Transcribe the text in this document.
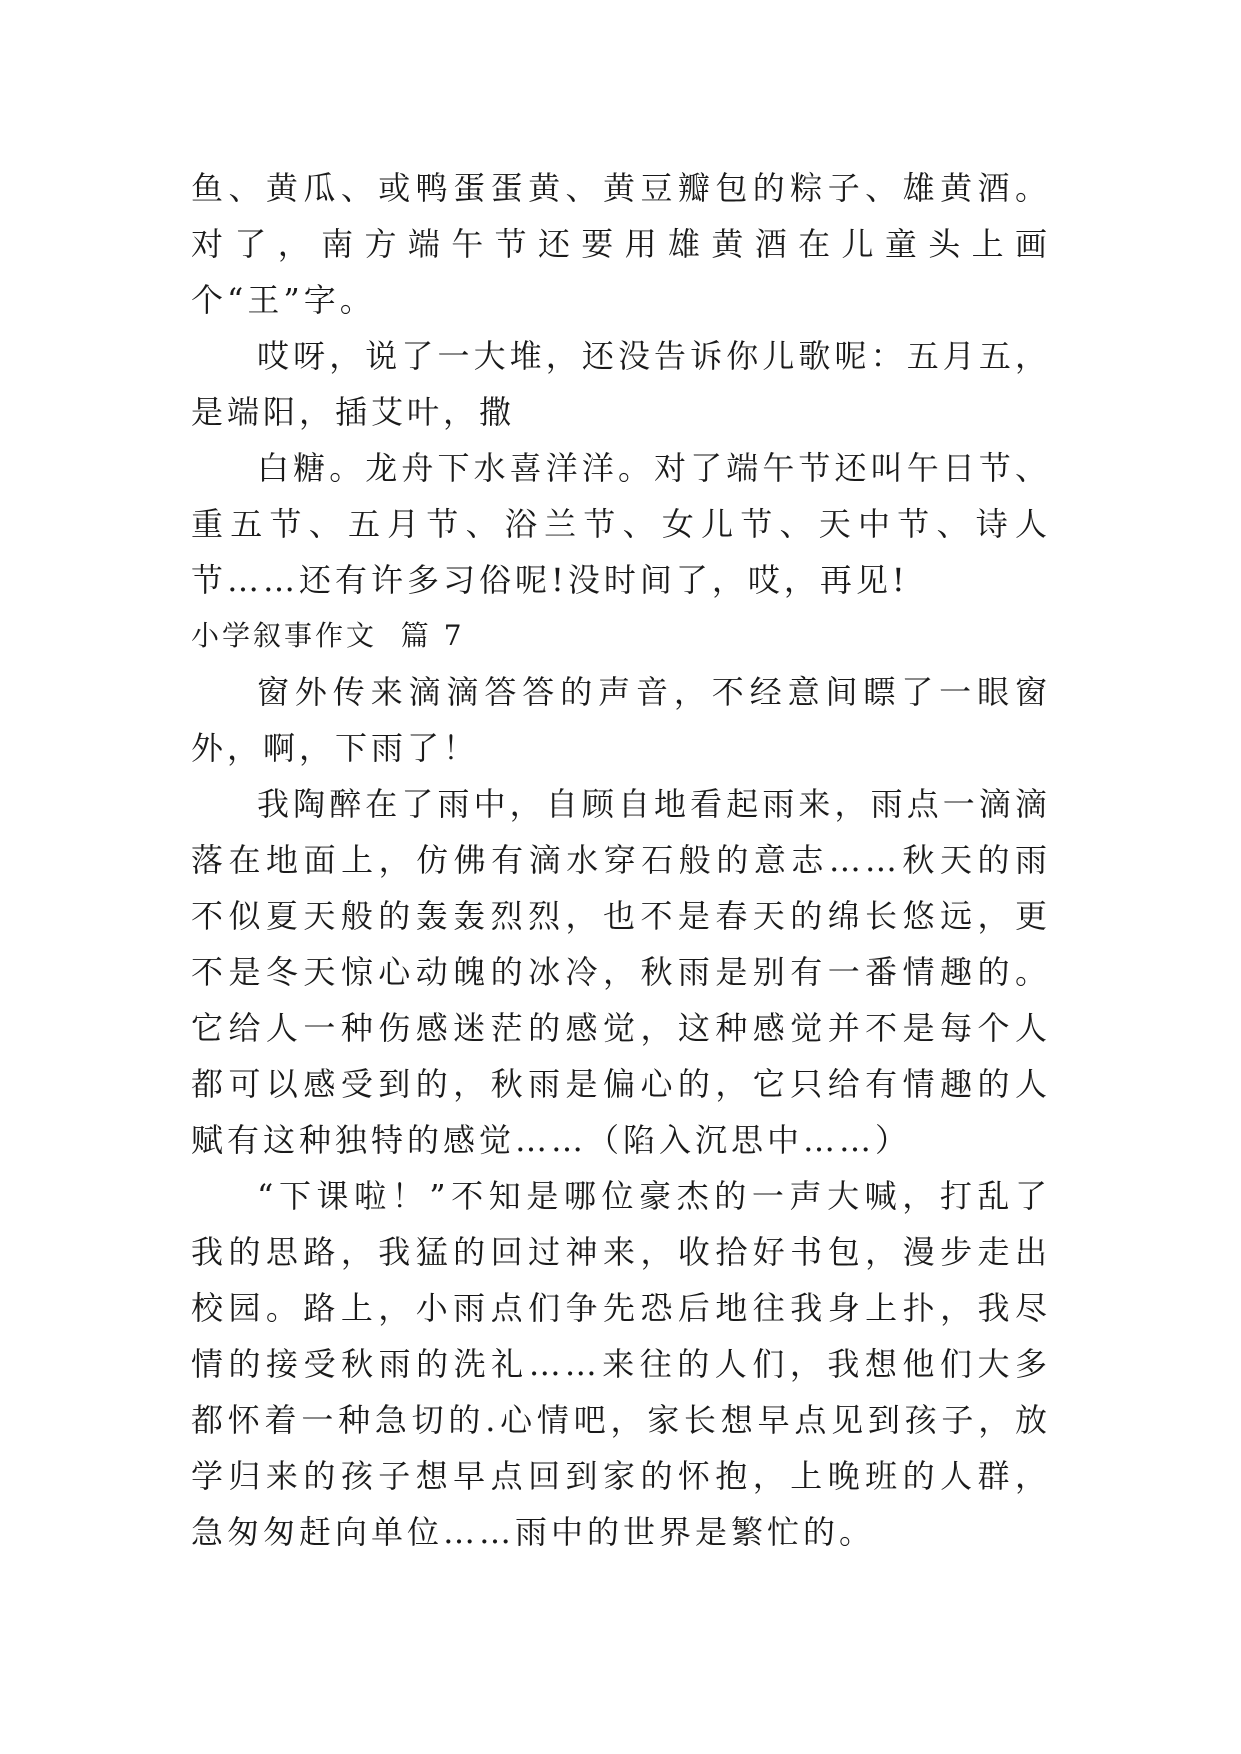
鱼、黄瓜、或鸭蛋蛋黄、黄豆瓣包的粽子、雄黄酒。对了，南方端午节还要用雄黄酒在儿童头上画个“王”字。

哎呀，说了一大堆，还没告诉你儿歌呢：五月五，是端阳，插艾叶，撒

白糖。龙舟下水喜洋洋。对了端午节还叫午日节、重五节、五月节、浴兰节、女儿节、天中节、诗人节……还有许多习俗呢!没时间了，哎，再见!

小学叙事作文  篇 7

窗外传来滴滴答答的声音，不经意间瞟了一眼窗外，啊，下雨了！

我陶醉在了雨中，自顾自地看起雨来，雨点一滴滴落在地面上，仿佛有滴水穿石般的意志……秋天的雨不似夏天般的轰轰烈烈，也不是春天的绵长悠远，更不是冬天惊心动魄的冰冷，秋雨是别有一番情趣的。它给人一种伤感迷茫的感觉，这种感觉并不是每个人都可以感受到的，秋雨是偏心的，它只给有情趣的人赋有这种独特的感觉……（陷入沉思中……）

“下课啦！”不知是哪位豪杰的一声大喊，打乱了我的思路，我猛的回过神来，收拾好书包，漫步走出校园。路上，小雨点们争先恐后地往我身上扑，我尽情的接受秋雨的洗礼……来往的人们，我想他们大多都怀着一种急切的.心情吧，家长想早点见到孩子，放学归来的孩子想早点回到家的怀抱，上晚班的人群，急匆匆赶向单位……雨中的世界是繁忙的。
